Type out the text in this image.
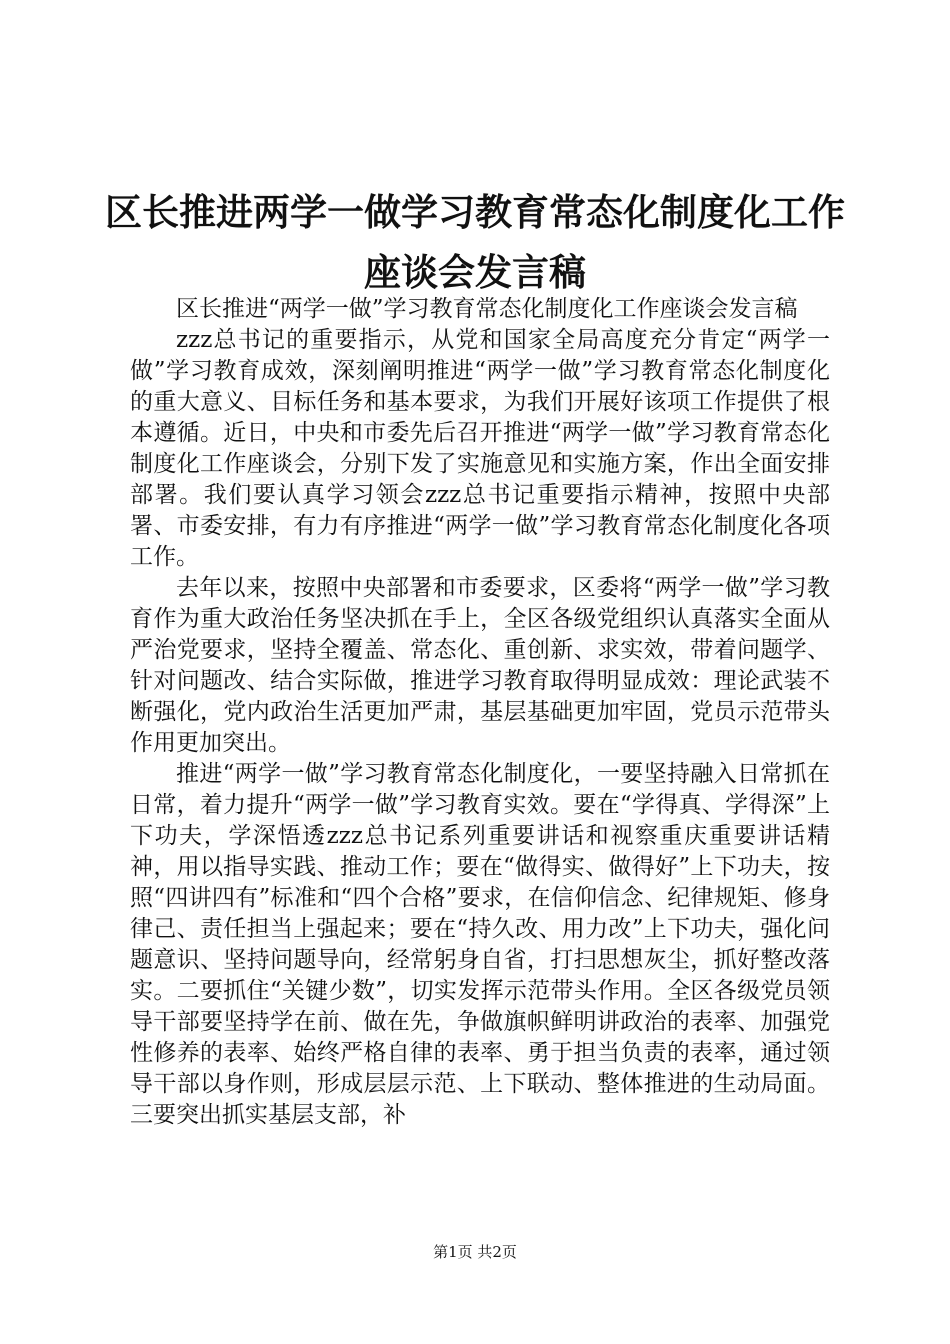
区长推进两学一做学习教育常态化制度化工作
座谈会发言稿

区长推进“两学一做”学习教育常态化制度化工作座谈会发言稿

zzz总书记的重要指示，从党和国家全局高度充分肯定“两学一做”学习教育成效，深刻阐明推进“两学一做”学习教育常态化制度化的重大意义、目标任务和基本要求，为我们开展好该项工作提供了根本遵循。近日，中央和市委先后召开推进“两学一做”学习教育常态化制度化工作座谈会，分别下发了实施意见和实施方案，作出全面安排部署。我们要认真学习领会zzz总书记重要指示精神，按照中央部署、市委安排，有力有序推进“两学一做”学习教育常态化制度化各项工作。

去年以来，按照中央部署和市委要求，区委将“两学一做”学习教育作为重大政治任务坚决抓在手上，全区各级党组织认真落实全面从严治党要求，坚持全覆盖、常态化、重创新、求实效，带着问题学、针对问题改、结合实际做，推进学习教育取得明显成效：理论武装不断强化，党内政治生活更加严肃，基层基础更加牢固，党员示范带头作用更加突出。

推进“两学一做”学习教育常态化制度化，一要坚持融入日常抓在日常，着力提升“两学一做”学习教育实效。要在“学得真、学得深”上下功夫，学深悟透zzz总书记系列重要讲话和视察重庆重要讲话精神，用以指导实践、推动工作；要在“做得实、做得好”上下功夫，按照“四讲四有”标准和“四个合格”要求，在信仰信念、纪律规矩、修身律己、责任担当上强起来；要在“持久改、用力改”上下功夫，强化问题意识、坚持问题导向，经常躬身自省，打扫思想灰尘，抓好整改落实。二要抓住“关键少数”，切实发挥示范带头作用。全区各级党员领导干部要坚持学在前、做在先，争做旗帜鲜明讲政治的表率、加强党性修养的表率、始终严格自律的表率、勇于担当负责的表率，通过领导干部以身作则，形成层层示范、上下联动、整体推进的生动局面。三要突出抓实基层支部，补

第1页 共2页
